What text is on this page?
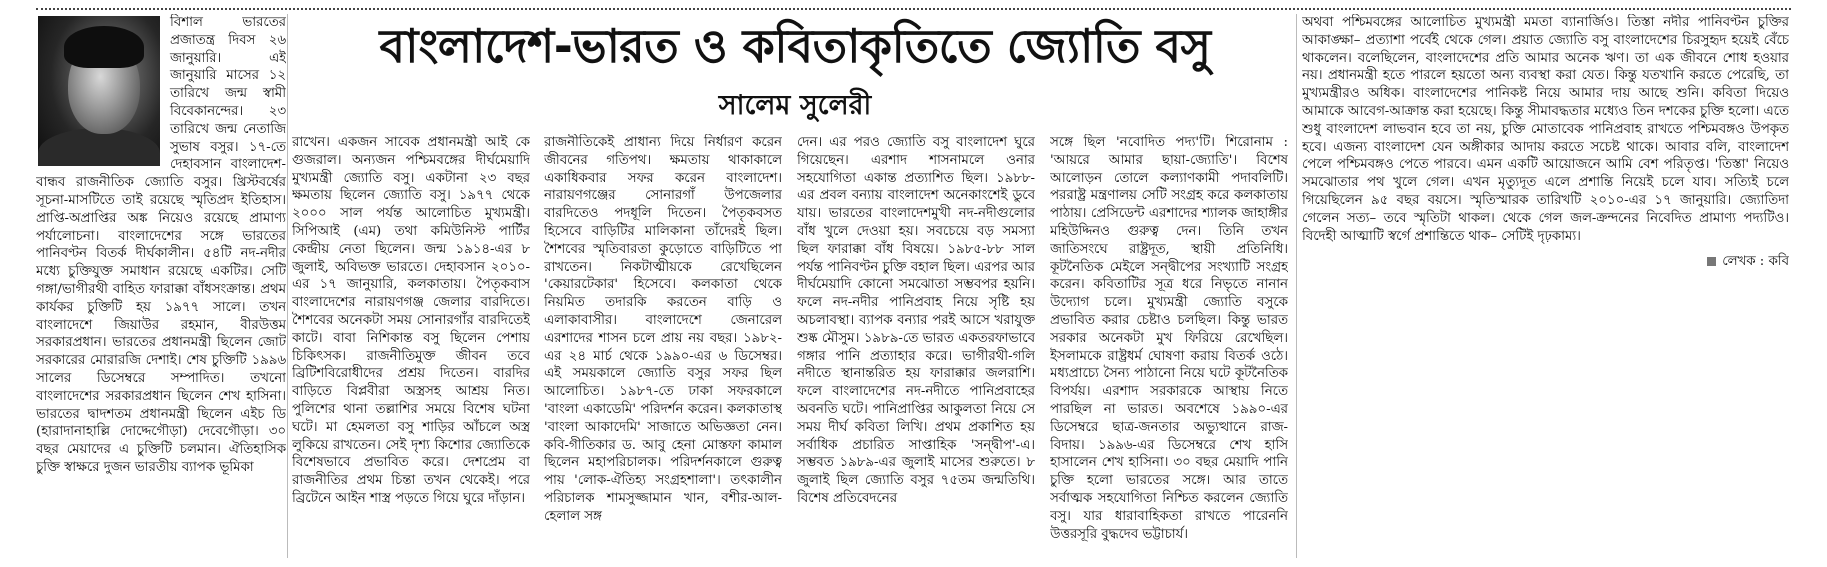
বিশাল ভারতের প্রজাতন্ত্র দিবস ২৬ জানুয়ারি। এই জানুয়ারি মাসের ১২ তারিখে জন্ম স্বামী বিবেকানন্দের। ২৩ তারিখে জন্ম নেতাজি সুভাষ বসুর। ১৭-তে দেহাবসান বাংলাদেশ-বান্ধব রাজনীতিক জ্যোতি বসুর। খ্রিস্টবর্ষের সূচনা-মাসটিতে তাই রয়েছে স্মৃতিপ্রদ ইতিহাস। প্রাপ্তি-অপ্রাপ্তির অঙ্ক নিয়েও রয়েছে প্রামাণ্য পর্যালোচনা। বাংলাদেশের সঙ্গে ভারতের পানিবণ্টন বিতর্ক দীর্ঘকালীন। ৫৪টি নদ-নদীর মধ্যে চুক্তিযুক্ত সমাধান রয়েছে একটির। সেটি গঙ্গা/ভাগীরথী বাহিত ফারাক্কা বাঁধসংক্রান্ত। প্রথম কার্যকর চুক্তিটি হয় ১৯৭৭ সালে। তখন বাংলাদেশে জিয়াউর রহমান, বীরউত্তম সরকারপ্রধান। ভারতের প্রধানমন্ত্রী ছিলেন জোট সরকারের মোরারজি দেশাই। শেষ চুক্তিটি ১৯৯৬ সালের ডিসেম্বরে সম্পাদিত। তখনো বাংলাদেশের সরকারপ্রধান ছিলেন শেখ হাসিনা। ভারতের দ্বাদশতম প্রধানমন্ত্রী ছিলেন এইচ ডি (হারাদানাহাল্লি দোদ্দেগৌড়া) দেবেগৌড়া। ৩০ বছর মেয়াদের এ চুক্তিটি চলমান। ঐতিহাসিক চুক্তি স্বাক্ষরে দুজন ভারতীয় ব্যাপক ভূমিকা

বাংলাদেশ-ভারত ও কবিতাকৃতিতে জ্যোতি বসু
সালেম সুলেরী

রাখেন। একজন সাবেক প্রধানমন্ত্রী আই কে গুজরাল। অন্যজন পশ্চিমবঙ্গের দীর্ঘমেয়াদি মুখ্যমন্ত্রী জ্যোতি বসু। একটানা ২৩ বছর ক্ষমতায় ছিলেন জ্যোতি বসু। ১৯৭৭ থেকে ২০০০ সাল পর্যন্ত আলোচিত মুখ্যমন্ত্রী। সিপিআই (এম) তথা কমিউনিস্ট পার্টির কেন্দ্রীয় নেতা ছিলেন। জন্ম ১৯১৪-এর ৮ জুলাই, অবিভক্ত ভারতে। দেহাবসান ২০১০-এর ১৭ জানুয়ারি, কলকাতায়। পৈতৃকবাস বাংলাদেশের নারায়ণগঞ্জ জেলার বারদিতে। শৈশবের অনেকটা সময় সোনারগাঁর বারদিতেই কাটে। বাবা নিশিকান্ত বসু ছিলেন পেশায় চিকিৎসক। রাজনীতিমুক্ত জীবন তবে ব্রিটিশবিরোধীদের প্রশ্রয় দিতেন। বারদির বাড়িতে বিপ্লবীরা অস্ত্রসহ আশ্রয় নিত। পুলিশের থানা তল্লাশির সময়ে বিশেষ ঘটনা ঘটে। মা হেমলতা বসু শাড়ির আঁচলে অস্ত্র লুকিয়ে রাখতেন। সেই দৃশ্য কিশোর জ্যোতিকে বিশেষভাবে প্রভাবিত করে। দেশপ্রেম বা রাজনীতির প্রথম চিন্তা তখন থেকেই। পরে ব্রিটেনে আইন শাস্ত্র পড়তে গিয়ে ঘুরে দাঁড়ান।

রাজনীতিকেই প্রাধান্য দিয়ে নির্ধারণ করেন জীবনের গতিপথ। ক্ষমতায় থাকাকালে একাধিকবার সফর করেন বাংলাদেশ। নারায়ণগঞ্জের সোনারগাঁ উপজেলার বারদিতেও পদধূলি দিতেন। পৈতৃকবসত হিসেবে বাড়িটির মালিকানা তাঁদেরই ছিল। শৈশবের স্মৃতিবারতা কুড়োতে বাড়িটিতে পা রাখতেন। নিকটাত্মীয়কে রেখেছিলেন 'কেয়ারটেকার' হিসেবে। কলকাতা থেকে নিয়মিত তদারকি করতেন বাড়ি ও এলাকাবাসীর। বাংলাদেশে জেনারেল এরশাদের শাসন চলে প্রায় নয় বছর। ১৯৮২-এর ২৪ মার্চ থেকে ১৯৯০-এর ৬ ডিসেম্বর। এই সময়কালে জ্যোতি বসুর সফর ছিল আলোচিত। ১৯৮৭-তে ঢাকা সফরকালে 'বাংলা একাডেমি' পরিদর্শন করেন। কলকাতাস্থ 'বাংলা আকাদেমি' সাজাতে অভিজ্ঞতা নেন। কবি-গীতিকার ড. আবু হেনা মোস্তফা কামাল ছিলেন মহাপরিচালক। পরিদর্শনকালে গুরুত্ব পায় 'লোক-ঐতিহ্য সংগ্রহশালা'। তৎকালীন পরিচালক শামসুজ্জামান খান, বশীর-আল-হেলাল সঙ্গ

দেন। এর পরও জ্যোতি বসু বাংলাদেশ ঘুরে গিয়েছেন। এরশাদ শাসনামলে ওনার সহযোগিতা একান্ত প্রত্যাশিত ছিল। ১৯৮৮-এর প্রবল বন্যায় বাংলাদেশ অনেকাংশেই ডুবে যায়। ভারতের বাংলাদেশমুখী নদ-নদীগুলোর বাঁধ খুলে দেওয়া হয়। সবচেয়ে বড় সমস্যা ছিল ফারাক্কা বাঁধ বিষয়ে। ১৯৮৫-৮৮ সাল পর্যন্ত পানিবণ্টন চুক্তি বহাল ছিল। এরপর আর দীর্ঘমেয়াদি কোনো সমঝোতা সম্ভবপর হয়নি। ফলে নদ-নদীর পানিপ্রবাহ নিয়ে সৃষ্টি হয় অচলাবস্থা। ব্যাপক বন্যার পরই আসে খরাযুক্ত শুষ্ক মৌসুম। ১৯৮৯-তে ভারত একতরফাভাবে গঙ্গার পানি প্রত্যাহার করে। ভাগীরথী-গলি নদীতে স্থানান্তরিত হয় ফারাক্কার জলরাশি। ফলে বাংলাদেশের নদ-নদীতে পানিপ্রবাহের অবনতি ঘটে। পানিপ্রাপ্তির আকুলতা নিয়ে সে সময় দীর্ঘ কবিতা লিখি। প্রথম প্রকাশিত হয় সর্বাধিক প্রচারিত সাপ্তাহিক 'সন্দ্বীপ'-এ। সম্ভবত ১৯৮৯-এর জুলাই মাসের শুরুতে। ৮ জুলাই ছিল জ্যোতি বসুর ৭৫তম জন্মতিথি। বিশেষ প্রতিবেদনের

সঙ্গে ছিল 'নবোদিত পদ্য'টি। শিরোনাম : 'আয়রে আমার ছায়া-জ্যোতি'। বিশেষ আলোড়ন তোলে কল্যাণকামী পদাবলিটি। পররাষ্ট্র মন্ত্রণালয় সেটি সংগ্রহ করে কলকাতায় পাঠায়। প্রেসিডেন্ট এরশাদের শ্যালক জাহাঙ্গীর মহিউদ্দিনও গুরুত্ব দেন। তিনি তখন জাতিসংঘে রাষ্ট্রদূত, স্থায়ী প্রতিনিধি। কূটনৈতিক মেইলে সন্দ্বীপের সংখ্যাটি সংগ্রহ করেন। কবিতাটির সূত্র ধরে নিভৃতে নানান উদ্যোগ চলে। মুখ্যমন্ত্রী জ্যোতি বসুকে প্রভাবিত করার চেষ্টাও চলছিল। কিন্তু ভারত সরকার অনেকটা মুখ ফিরিয়ে রেখেছিল। ইসলামকে রাষ্ট্রধর্ম ঘোষণা করায় বিতর্ক ওঠে। মধ্যপ্রাচ্যে সৈন্য পাঠানো নিয়ে ঘটে কূটনৈতিক বিপর্যয়। এরশাদ সরকারকে আস্থায় নিতে পারছিল না ভারত। অবশেষে ১৯৯০-এর ডিসেম্বরে ছাত্র-জনতার অভ্যুত্থানে রাজ-বিদায়। ১৯৯৬-এর ডিসেম্বরে শেখ হাসি হাসালেন শেখ হাসিনা। ৩০ বছর মেয়াদি পানি চুক্তি হলো ভারতের সঙ্গে। আর তাতে সর্বাত্মক সহযোগিতা নিশ্চিত করলেন জ্যোতি বসু। যার ধারাবাহিকতা রাখতে পারেননি উত্তরসূরি বুদ্ধদেব ভট্টাচার্য।

অথবা পশ্চিমবঙ্গের আলোচিত মুখ্যমন্ত্রী মমতা ব্যানার্জিও। তিস্তা নদীর পানিবণ্টন চুক্তির আকাঙ্ক্ষা– প্রত্যাশা পর্বেই থেকে গেল। প্রয়াত জ্যোতি বসু বাংলাদেশের চিরসুহৃদ হয়েই বেঁচে থাকলেন। বলেছিলেন, বাংলাদেশের প্রতি আমার অনেক ঋণ। তা এক জীবনে শোধ হওয়ার নয়। প্রধানমন্ত্রী হতে পারলে হয়তো অন্য ব্যবস্থা করা যেত। কিন্তু যতখানি করতে পেরেছি, তা মুখ্যমন্ত্রীরও অধিক। বাংলাদেশের পানিকষ্ট নিয়ে আমার দায় আছে শুনি। কবিতা দিয়েও আমাকে আবেগ-আক্রান্ত করা হয়েছে। কিন্তু সীমাবদ্ধতার মধ্যেও তিন দশকের চুক্তি হলো। এতে শুধু বাংলাদেশ লাভবান হবে তা নয়, চুক্তি মোতাবেক পানিপ্রবাহ রাখতে পশ্চিমবঙ্গও উপকৃত হবে। এজন্য বাংলাদেশ যেন অঙ্গীকার আদায় করতে সচেষ্ট থাকে। আবার বলি, বাংলাদেশ পেলে পশ্চিমবঙ্গও পেতে পারবে। এমন একটি আয়োজনে আমি বেশ পরিতৃপ্ত। 'তিস্তা' নিয়েও সমঝোতার পথ খুলে গেল। এখন মৃত্যুদূত এলে প্রশান্তি নিয়েই চলে যাব। সত্যিই চলে গিয়েছিলেন ৯৫ বছর বয়সে। স্মৃতিস্মারক তারিখটি ২০১০-এর ১৭ জানুয়ারি। জ্যোতিদা গেলেন সত্য– তবে স্মৃতিটা থাকল। থেকে গেল জল-ক্রন্দনের নিবেদিত প্রামাণ্য পদ্যটিও। বিদেহী আত্মাটি স্বর্গে প্রশান্তিতে থাক– সেটিই দৃঢ়কাম্য।

লেখক : কবি
